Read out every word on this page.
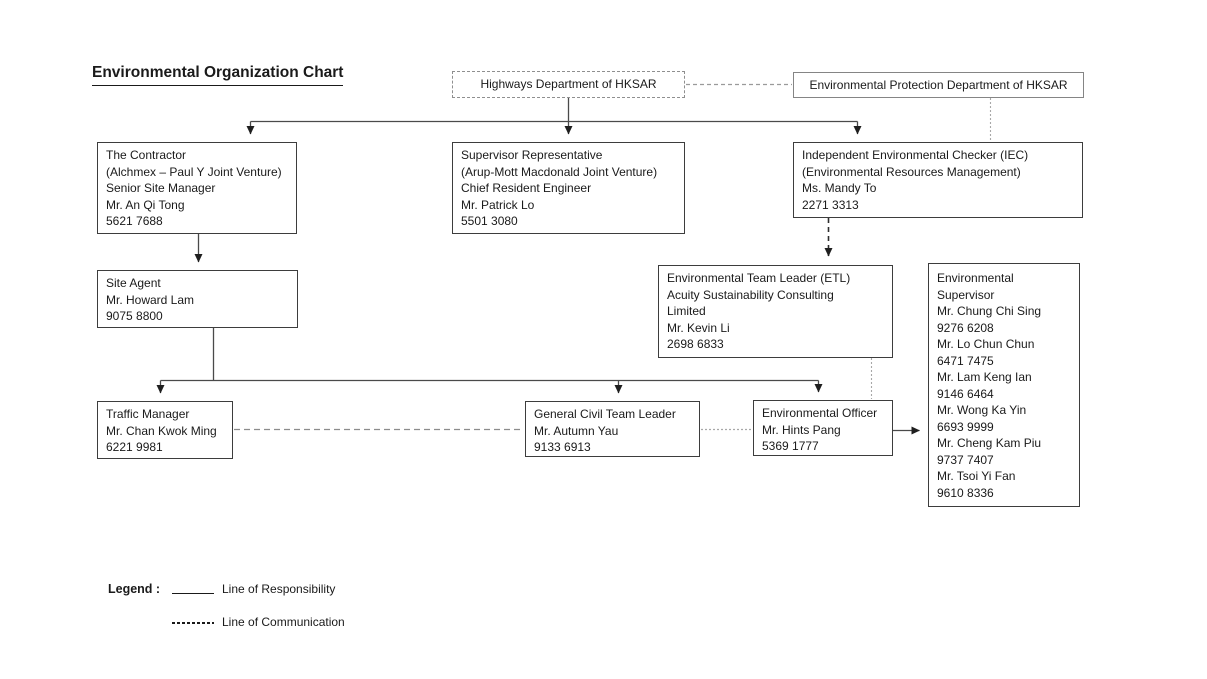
Environmental Organization Chart
Highways Department of HKSAR	Environmental Protection Department of HKSAR
The Contractor
(Alchmex – Paul Y Joint Venture)
Senior Site Manager
Mr. An Qi Tong
5621 7688
Supervisor Representative
(Arup-Mott Macdonald Joint Venture)
Chief Resident Engineer
Mr. Patrick Lo
5501 3080
Independent Environmental Checker (IEC)
(Environmental Resources Management)
Ms. Mandy To
2271 3313
Site Agent
Mr. Howard Lam
9075 8800
Environmental Team Leader (ETL)
Acuity Sustainability Consulting
Limited
Mr. Kevin Li
2698 6833
Environmental
Supervisor
Mr. Chung Chi Sing
9276 6208
Mr. Lo Chun Chun
6471 7475
Mr. Lam Keng Ian
9146 6464
Mr. Wong Ka Yin
6693 9999
Mr. Cheng Kam Piu
9737 7407
Mr. Tsoi Yi Fan
9610 8336
Traffic Manager
Mr. Chan Kwok Ming
6221 9981
General Civil Team Leader
Mr. Autumn Yau
9133 6913
Environmental Officer
Mr. Hints Pang
5369 1777
Legend :	Line of Responsibility
Line of Communication
